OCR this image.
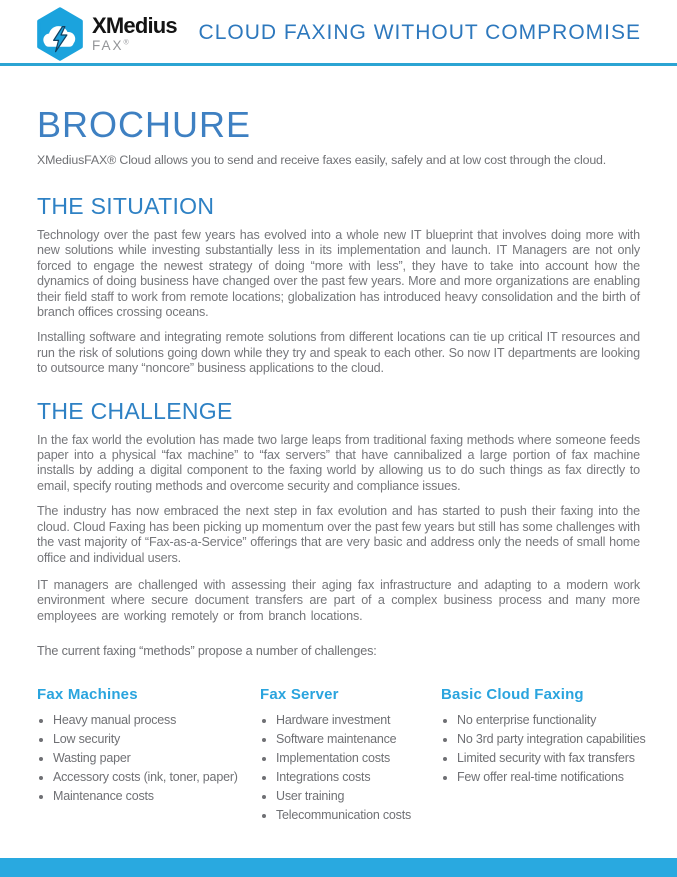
XMedius
FAX®	CLOUD FAXING WITHOUT COMPROMISE
BROCHURE

XMediusFAX® Cloud allows you to send and receive faxes easily, safely and at low cost through the cloud.

THE SITUATION

Technology over the past few years has evolved into a whole new IT blueprint that involves doing more with new solutions while investing substantially less in its implementation and launch. IT Managers are not only forced to engage the newest strategy of doing “more with less”, they have to take into account how the dynamics of doing business have changed over the past few years. More and more organizations are enabling their field staff to work from remote locations; globalization has introduced heavy consolidation and the birth of branch offices crossing oceans.

Installing software and integrating remote solutions from different locations can tie up critical IT resources and run the risk of solutions going down while they try and speak to each other. So now IT departments are looking to outsource many “noncore” business applications to the cloud.

THE CHALLENGE

In the fax world the evolution has made two large leaps from traditional faxing methods where someone feeds paper into a physical “fax machine” to “fax servers” that have cannibalized a large portion of fax machine installs by adding a digital component to the faxing world by allowing us to do such things as fax directly to email, specify routing methods and overcome security and compliance issues.

The industry has now embraced the next step in fax evolution and has started to push their faxing into the cloud. Cloud Faxing has been picking up momentum over the past few years but still has some challenges with the vast majority of “Fax-as-a-Service” offerings that are very basic and address only the needs of small home office and individual users.

IT managers are challenged with assessing their aging fax infrastructure and adapting to a modern work environment where secure document transfers are part of a complex business process and many more employees are working remotely or from branch locations.

The current faxing “methods” propose a number of challenges:

Fax Machines
• Heavy manual process
• Low security
• Wasting paper
• Accessory costs (ink, toner, paper)
• Maintenance costs
Fax Server
• Hardware investment
• Software maintenance
• Implementation costs
• Integrations costs
• User training
• Telecommunication costs
Basic Cloud Faxing
• No enterprise functionality
• No 3rd party integration capabilities
• Limited security with fax transfers
• Few offer real-time notifications
